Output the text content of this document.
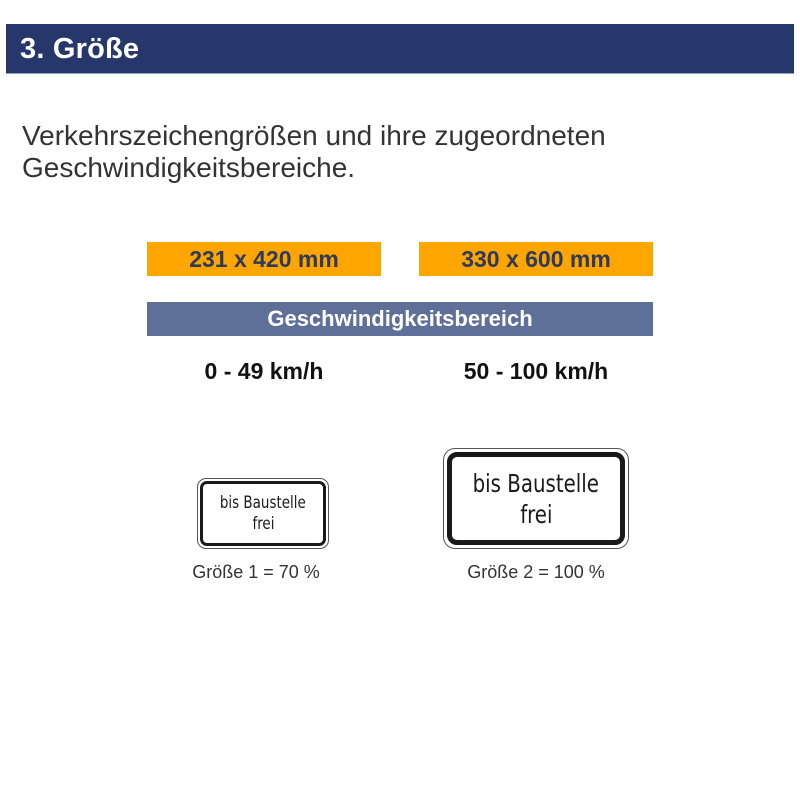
3. Größe
Verkehrszeichengrößen und ihre zugeordneten
Geschwindigkeitsbereiche.
231 x 420 mm	330 x 600 mm
Geschwindigkeitsbereich
0 - 49 km/h	50 - 100 km/h
bis Baustelle
frei
bis Baustelle
frei
Größe 1 = 70 %	Größe 2 = 100 %
